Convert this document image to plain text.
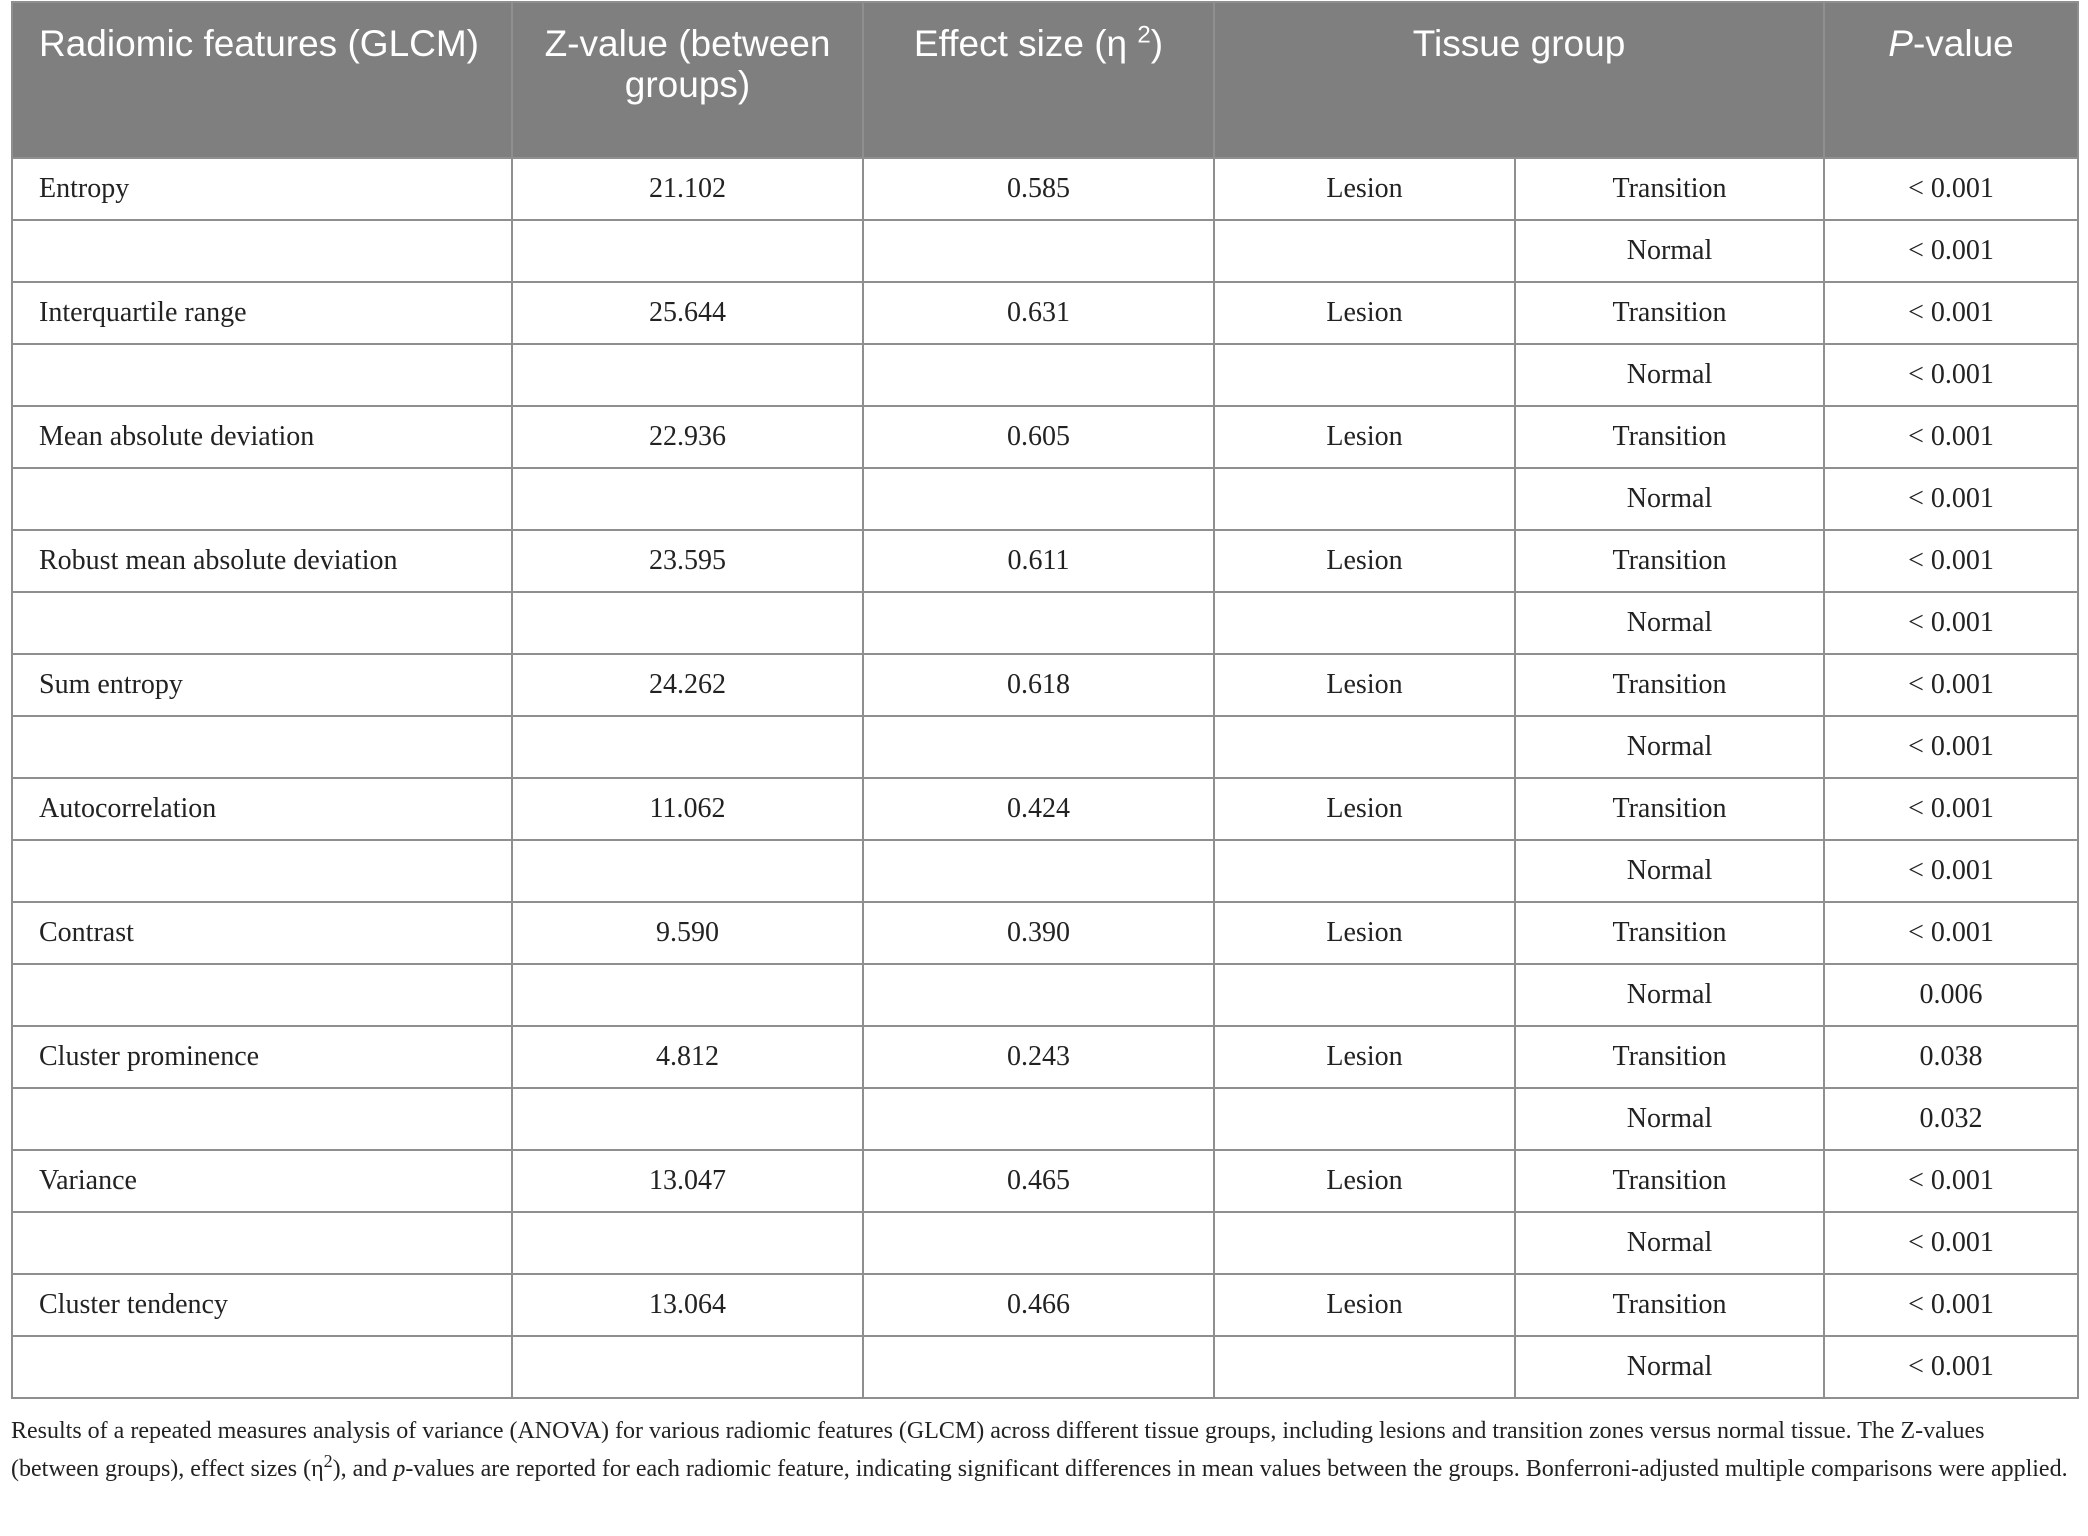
Radiomic features (GLCM)	Z-value (between groups)	Effect size (η $^2$)	Tissue group		P-value
Entropy	21.102	0.585	Lesion	Transition	< 0.001
				Normal	< 0.001
Interquartile range	25.644	0.631	Lesion	Transition	< 0.001
				Normal	< 0.001
Mean absolute deviation	22.936	0.605	Lesion	Transition	< 0.001
				Normal	< 0.001
Robust mean absolute deviation	23.595	0.611	Lesion	Transition	< 0.001
				Normal	< 0.001
Sum entropy	24.262	0.618	Lesion	Transition	< 0.001
				Normal	< 0.001
Autocorrelation	11.062	0.424	Lesion	Transition	< 0.001
				Normal	< 0.001
Contrast	9.590	0.390	Lesion	Transition	< 0.001
				Normal	0.006
Cluster prominence	4.812	0.243	Lesion	Transition	0.038
				Normal	0.032
Variance	13.047	0.465	Lesion	Transition	< 0.001
				Normal	< 0.001
Cluster tendency	13.064	0.466	Lesion	Transition	< 0.001
				Normal	< 0.001

Results of a repeated measures analysis of variance (ANOVA) for various radiomic features (GLCM) across different tissue groups, including lesions and transition zones versus normal tissue. The Z-values (between groups), effect sizes $(\eta^2)$, and p-values are reported for each radiomic feature, indicating significant differences in mean values between the groups. Bonferroni-adjusted multiple comparisons were applied.
